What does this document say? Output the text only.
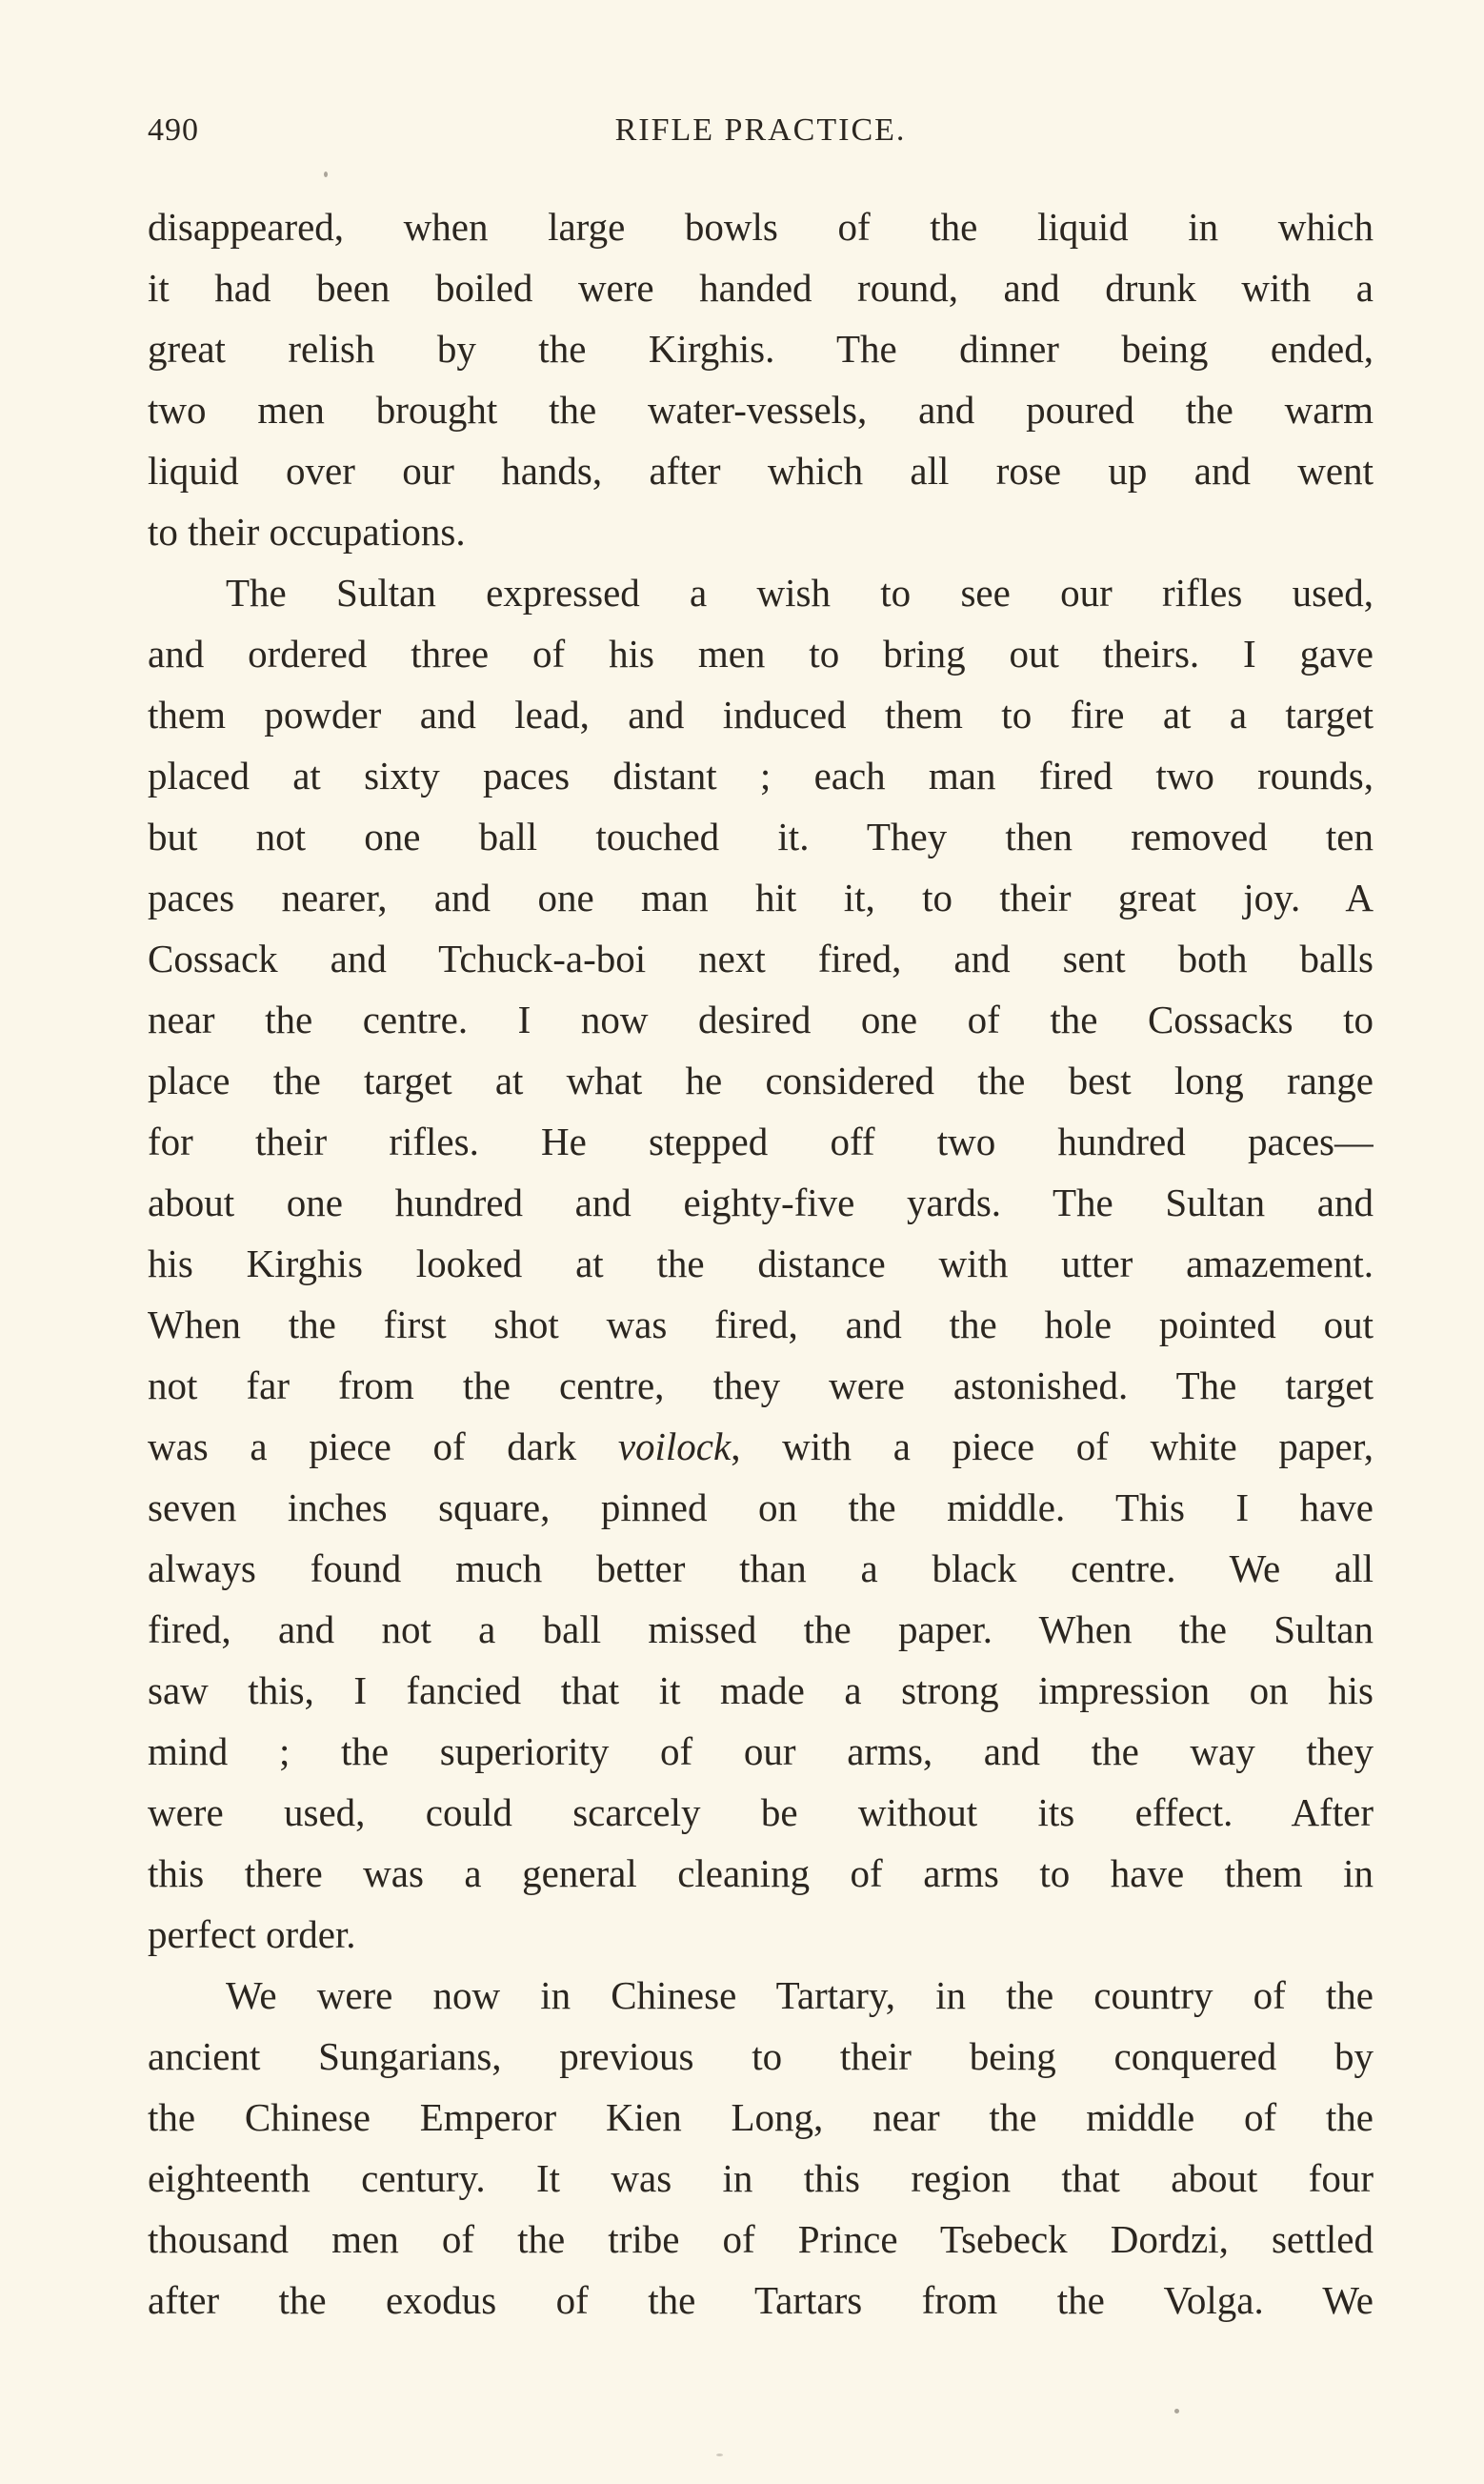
490	RIFLE PRACTICE.
disappeared, when large bowls of the liquid in which
it had been boiled were handed round, and drunk with a
great relish by the Kirghis. The dinner being ended,
two men brought the water-vessels, and poured the warm
liquid over our hands, after which all rose up and went
to their occupations.
The Sultan expressed a wish to see our rifles used,
and ordered three of his men to bring out theirs. I gave
them powder and lead, and induced them to fire at a target
placed at sixty paces distant ; each man fired two rounds,
but not one ball touched it. They then removed ten
paces nearer, and one man hit it, to their great joy. A
Cossack and Tchuck-a-boi next fired, and sent both balls
near the centre. I now desired one of the Cossacks to
place the target at what he considered the best long range
for their rifles. He stepped off two hundred paces—
about one hundred and eighty-five yards. The Sultan and
his Kirghis looked at the distance with utter amazement.
When the first shot was fired, and the hole pointed out
not far from the centre, they were astonished. The target
was a piece of dark voilock, with a piece of white paper,
seven inches square, pinned on the middle. This I have
always found much better than a black centre. We all
fired, and not a ball missed the paper. When the Sultan
saw this, I fancied that it made a strong impression on his
mind ; the superiority of our arms, and the way they
were used, could scarcely be without its effect. After
this there was a general cleaning of arms to have them in
perfect order.
We were now in Chinese Tartary, in the country of the
ancient Sungarians, previous to their being conquered by
the Chinese Emperor Kien Long, near the middle of the
eighteenth century. It was in this region that about four
thousand men of the tribe of Prince Tsebeck Dordzi, settled
after the exodus of the Tartars from the Volga. We
